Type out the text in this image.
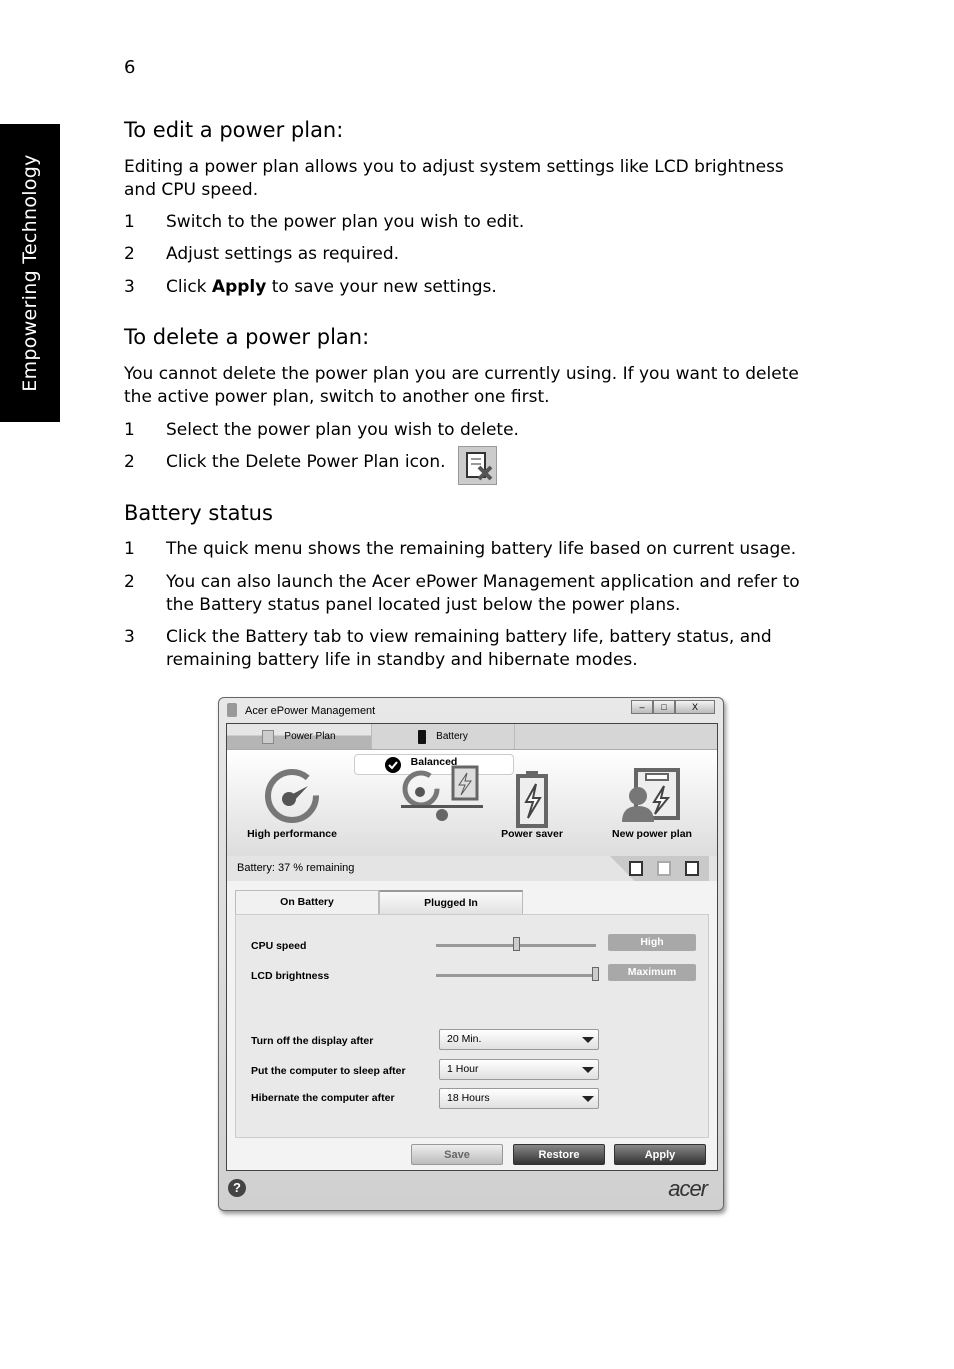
Empowering Technology
6
To edit a power plan:

Editing a power plan allows you to adjust system settings like LCD brightness and CPU speed.

1 Switch to the power plan you wish to edit.
2 Adjust settings as required.
3 Click Apply to save your new settings.
To delete a power plan:

You cannot delete the power plan you are currently using. If you want to delete the active power plan, switch to another one first.

1 Select the power plan you wish to delete.
2 Click the Delete Power Plan icon.
Battery status
1 The quick menu shows the remaining battery life based on current usage.
2 You can also launch the Acer ePower Management application and refer to the Battery status panel located just below the power plans.
3 Click the Battery tab to view remaining battery life, battery status, and remaining battery life in standby and hibernate modes.
Acer ePower Management	–	□	X
Power Plan	Battery
High performance
Balanced
Power saver	New power plan
Battery: 37 % remaining
On Battery	Plugged In
CPU speed	High
LCD brightness	Maximum
Turn off the display after	20 Min.
Put the computer to sleep after	1 Hour
Hibernate the computer after	18 Hours
Save	Restore	Apply
?	acer
